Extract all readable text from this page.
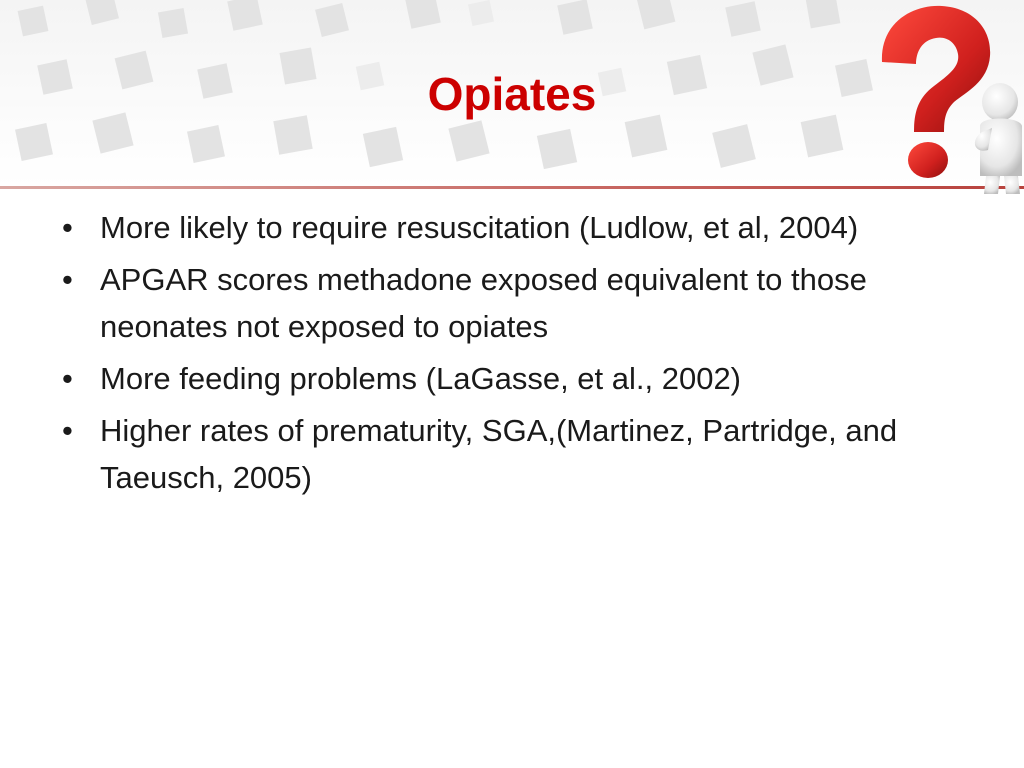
Opiates
• More likely to require resuscitation (Ludlow, et al, 2004)
• APGAR scores methadone exposed equivalent to those neonates not exposed to opiates
• More feeding problems (LaGasse, et al., 2002)
• Higher rates of prematurity, SGA,(Martinez, Partridge, and Taeusch, 2005)
